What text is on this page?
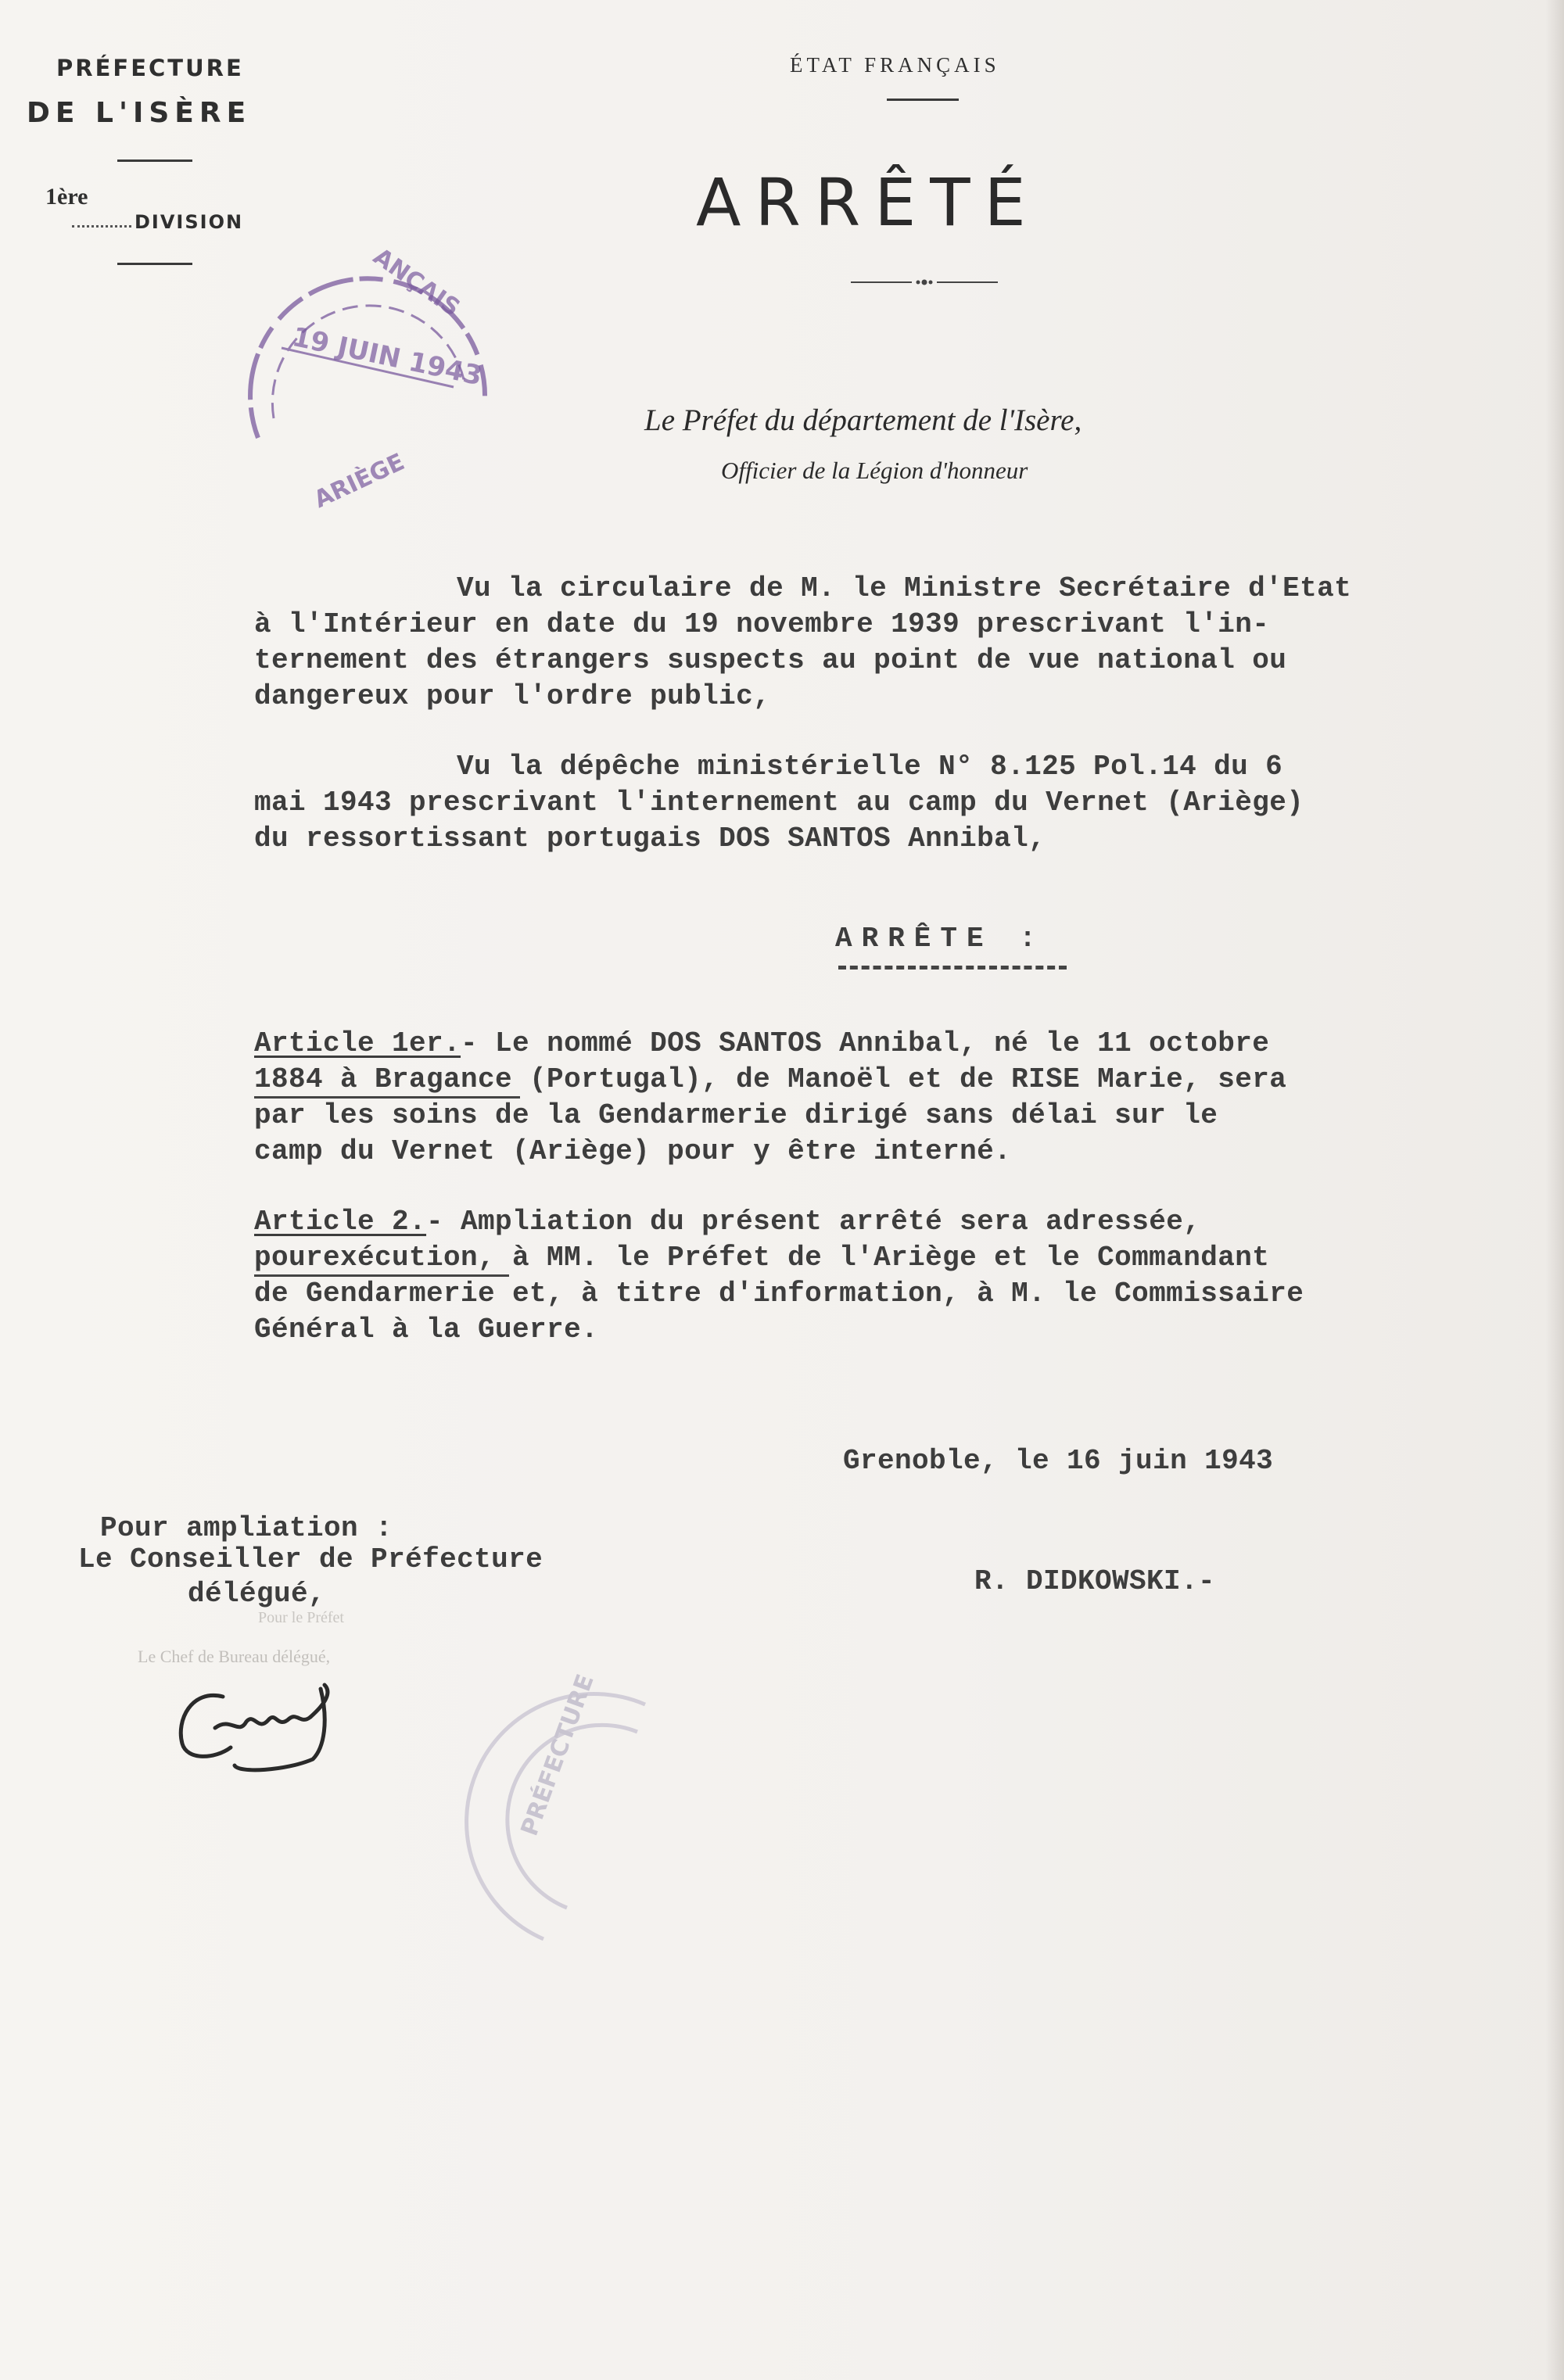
PRÉFECTURE
DE L'ISÈRE
1ère
DIVISION
ÉTAT FRANÇAIS
ARRÊTÉ
Le Préfet du département de l'Isère,
Officier de la Légion d'honneur
19 JUIN 1943
ANÇAIS
ARIÈGE
Vu la circulaire de M. le Ministre Secrétaire d'Etat
à l'Intérieur en date du 19 novembre 1939 prescrivant l'in-
ternement des étrangers suspects au point de vue national ou
dangereux pour l'ordre public,
Vu la dépêche ministérielle N° 8.125 Pol.14 du 6
mai 1943 prescrivant l'internement au camp du Vernet (Ariège)
du ressortissant portugais DOS SANTOS Annibal,
ARRÊTE :
Article 1er.- Le nommé DOS SANTOS Annibal, né le 11 octobre
1884 à Bragance (Portugal), de Manoël et de RISE Marie, sera
par les soins de la Gendarmerie dirigé sans délai sur le
camp du Vernet (Ariège) pour y être interné.
Article 2.- Ampliation du présent arrêté sera adressée,
pourexécution, à MM. le Préfet de l'Ariège et le Commandant
de Gendarmerie et, à titre d'information, à M. le Commissaire
Général à la Guerre.
Grenoble, le 16 juin 1943
Pour ampliation :
Le Conseiller de Préfecture
délégué,	R. DIDKOWSKI.-
Pour le Préfet
Le Chef de Bureau délégué,
PRÉFECTURE
